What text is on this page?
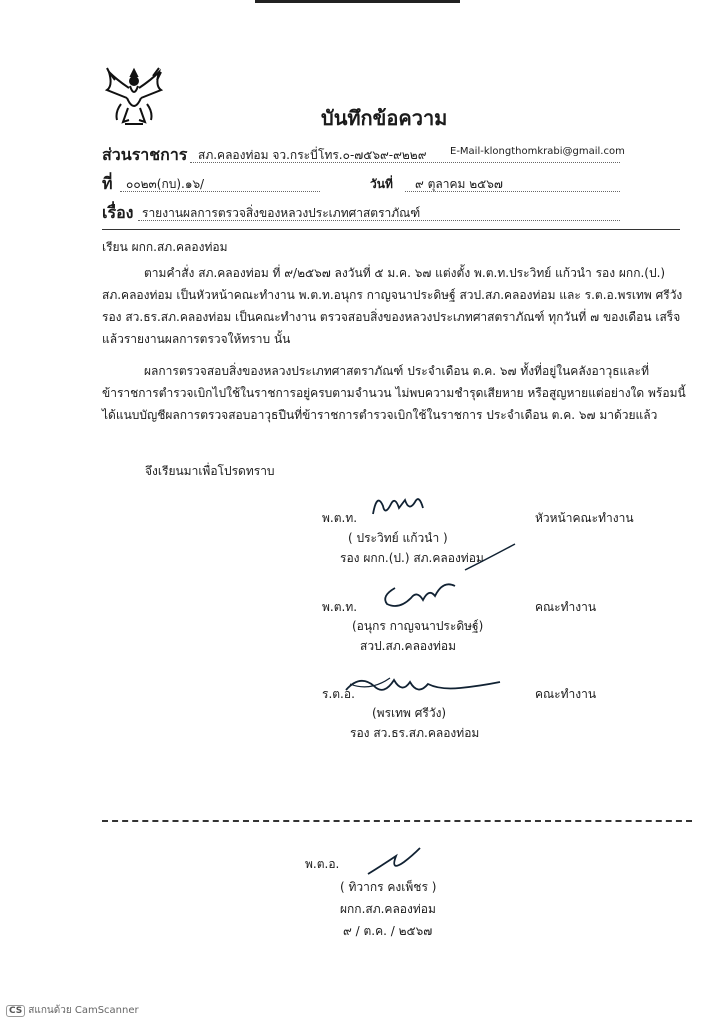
บันทึกข้อความ
ส่วนราชการ สภ.คลองท่อม จว.กระบี่ โทร.๐-๗๕๖๙-๙๒๒๙ E-Mail-klongthomkrabi@gmail.com
ที่ ๐๐๒๓(กบ).๑๖/	วันที่ ๙ ตุลาคม ๒๕๖๗
เรื่อง รายงานผลการตรวจสิ่งของหลวงประเภทศาสตราภัณฑ์
เรียน ผกก.สภ.คลองท่อม
ตามคำสั่ง สภ.คลองท่อม ที่ ๙/๒๕๖๗ ลงวันที่ ๕ ม.ค. ๖๗ แต่งตั้ง พ.ต.ท.ประวิทย์ แก้วนำ รอง ผกก.(ป.) สภ.คลองท่อม เป็นหัวหน้าคณะทำงาน พ.ต.ท.อนุกร กาญจนาประดิษฐ์ สวป.สภ.คลองท่อม และ ร.ต.อ.พรเทพ ศรีวัง รอง สว.ธร.สภ.คลองท่อม เป็นคณะทำงาน ตรวจสอบสิ่งของหลวงประเภทศาสตราภัณฑ์ ทุกวันที่ ๗ ของเดือน เสร็จแล้วรายงานผลการตรวจให้ทราบ นั้น
ผลการตรวจสอบสิ่งของหลวงประเภทศาสตราภัณฑ์ ประจำเดือน ต.ค. ๖๗ ทั้งที่อยู่ในคลังอาวุธและที่ข้าราชการตำรวจเบิกไปใช้ในราชการอยู่ครบตามจำนวน ไม่พบความชำรุดเสียหาย หรือสูญหายแต่อย่างใด พร้อมนี้ ได้แนบบัญชีผลการตรวจสอบอาวุธปืนที่ข้าราชการตำรวจเบิกใช้ในราชการ ประจำเดือน ต.ค. ๖๗ มาด้วยแล้ว
จึงเรียนมาเพื่อโปรดทราบ
พ.ต.ท.	หัวหน้าคณะทำงาน
( ประวิทย์ แก้วนำ )
รอง ผกก.(ป.) สภ.คลองท่อม
พ.ต.ท.	คณะทำงาน
(อนุกร กาญจนาประดิษฐ์)
สวป.สภ.คลองท่อม
ร.ต.อ.	คณะทำงาน
(พรเทพ ศรีวัง)
รอง สว.ธร.สภ.คลองท่อม
พ.ต.อ.
( ทิวากร คงเพ็ชร )
ผกก.สภ.คลองท่อม
๙ / ต.ค. / ๒๕๖๗
CS สแกนด้วย CamScanner
